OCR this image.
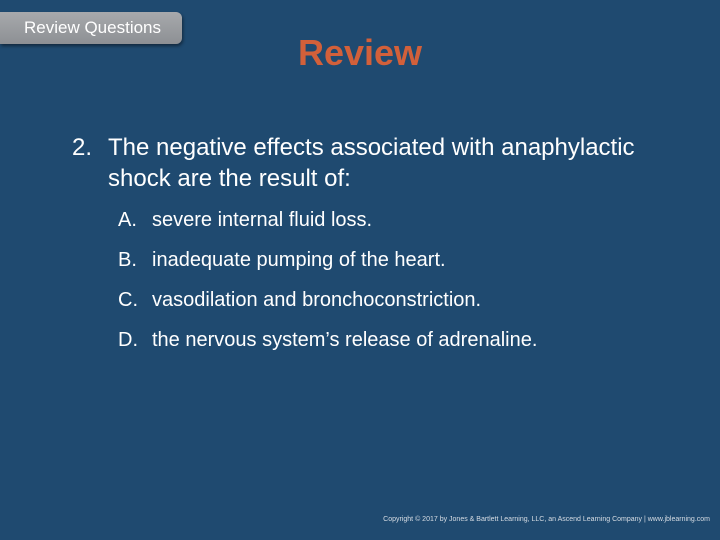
Review Questions
Review
2. The negative effects associated with anaphylactic shock are the result of:
A. severe internal fluid loss.
B. inadequate pumping of the heart.
C. vasodilation and bronchoconstriction.
D. the nervous system’s release of adrenaline.
Copyright © 2017 by Jones & Bartlett Learning, LLC, an Ascend Learning Company | www.jblearning.com
